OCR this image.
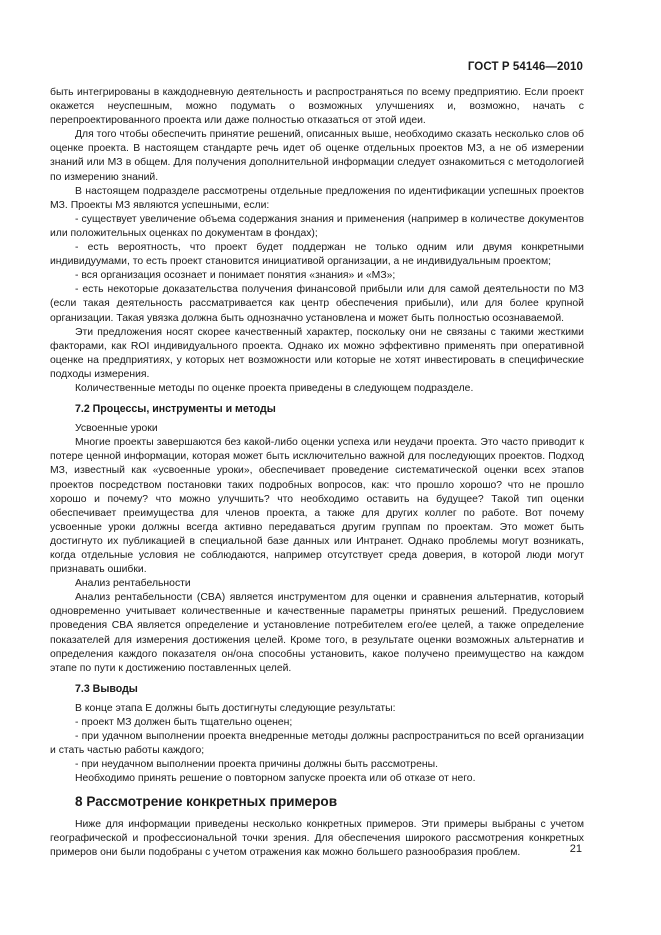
ГОСТ Р 54146—2010

быть интегрированы в каждодневную деятельность и распространяться по всему предприятию. Если проект окажется неуспешным, можно подумать о возможных улучшениях и, возможно, начать с перепроектированного проекта или даже полностью отказаться от этой идеи.

Для того чтобы обеспечить принятие решений, описанных выше, необходимо сказать несколько слов об оценке проекта. В настоящем стандарте речь идет об оценке отдельных проектов МЗ, а не об измерении знаний или МЗ в общем. Для получения дополнительной информации следует ознакомиться с методологией по измерению знаний.

В настоящем подразделе рассмотрены отдельные предложения по идентификации успешных проектов МЗ. Проекты МЗ являются успешными, если:

- существует увеличение объема содержания знания и применения (например в количестве документов или положительных оценках по документам в фондах);

- есть вероятность, что проект будет поддержан не только одним или двумя конкретными индивидуумами, то есть проект становится инициативой организации, а не индивидуальным проектом;

- вся организация осознает и понимает понятия «знания» и «МЗ»;

- есть некоторые доказательства получения финансовой прибыли или для самой деятельности по МЗ (если такая деятельность рассматривается как центр обеспечения прибыли), или для более крупной организации. Такая увязка должна быть однозначно установлена и может быть полностью осознаваемой.

Эти предложения носят скорее качественный характер, поскольку они не связаны с такими жесткими факторами, как ROI индивидуального проекта. Однако их можно эффективно применять при оперативной оценке на предприятиях, у которых нет возможности или которые не хотят инвестировать в специфические подходы измерения.

Количественные методы по оценке проекта приведены в следующем подразделе.

7.2 Процессы, инструменты и методы

Усвоенные уроки

Многие проекты завершаются без какой-либо оценки успеха или неудачи проекта. Это часто приводит к потере ценной информации, которая может быть исключительно важной для последующих проектов. Подход МЗ, известный как «усвоенные уроки», обеспечивает проведение систематической оценки всех этапов проектов посредством постановки таких подробных вопросов, как: что прошло хорошо? что не прошло хорошо и почему? что можно улучшить? что необходимо оставить на будущее? Такой тип оценки обеспечивает преимущества для членов проекта, а также для других коллег по работе. Вот почему усвоенные уроки должны всегда активно передаваться другим группам по проектам. Это может быть достигнуто их публикацией в специальной базе данных или Интранет. Однако проблемы могут возникать, когда отдельные условия не соблюдаются, например отсутствует среда доверия, в которой люди могут признавать ошибки.

Анализ рентабельности

Анализ рентабельности (CBA) является инструментом для оценки и сравнения альтернатив, который одновременно учитывает количественные и качественные параметры принятых решений. Предусловием проведения CBA является определение и установление потребителем его/ее целей, а также определение показателей для измерения достижения целей. Кроме того, в результате оценки возможных альтернатив и определения каждого показателя он/она способны установить, какое получено преимущество на каждом этапе по пути к достижению поставленных целей.

7.3 Выводы

В конце этапа Е должны быть достигнуты следующие результаты:

- проект МЗ должен быть тщательно оценен;

- при удачном выполнении проекта внедренные методы должны распространиться по всей организации и стать частью работы каждого;

- при неудачном выполнении проекта причины должны быть рассмотрены.

Необходимо принять решение о повторном запуске проекта или об отказе от него.

8 Рассмотрение конкретных примеров

Ниже для информации приведены несколько конкретных примеров. Эти примеры выбраны с учетом географической и профессиональной точки зрения. Для обеспечения широкого рассмотрения конкретных примеров они были подобраны с учетом отражения как можно большего разнообразия проблем.	21
